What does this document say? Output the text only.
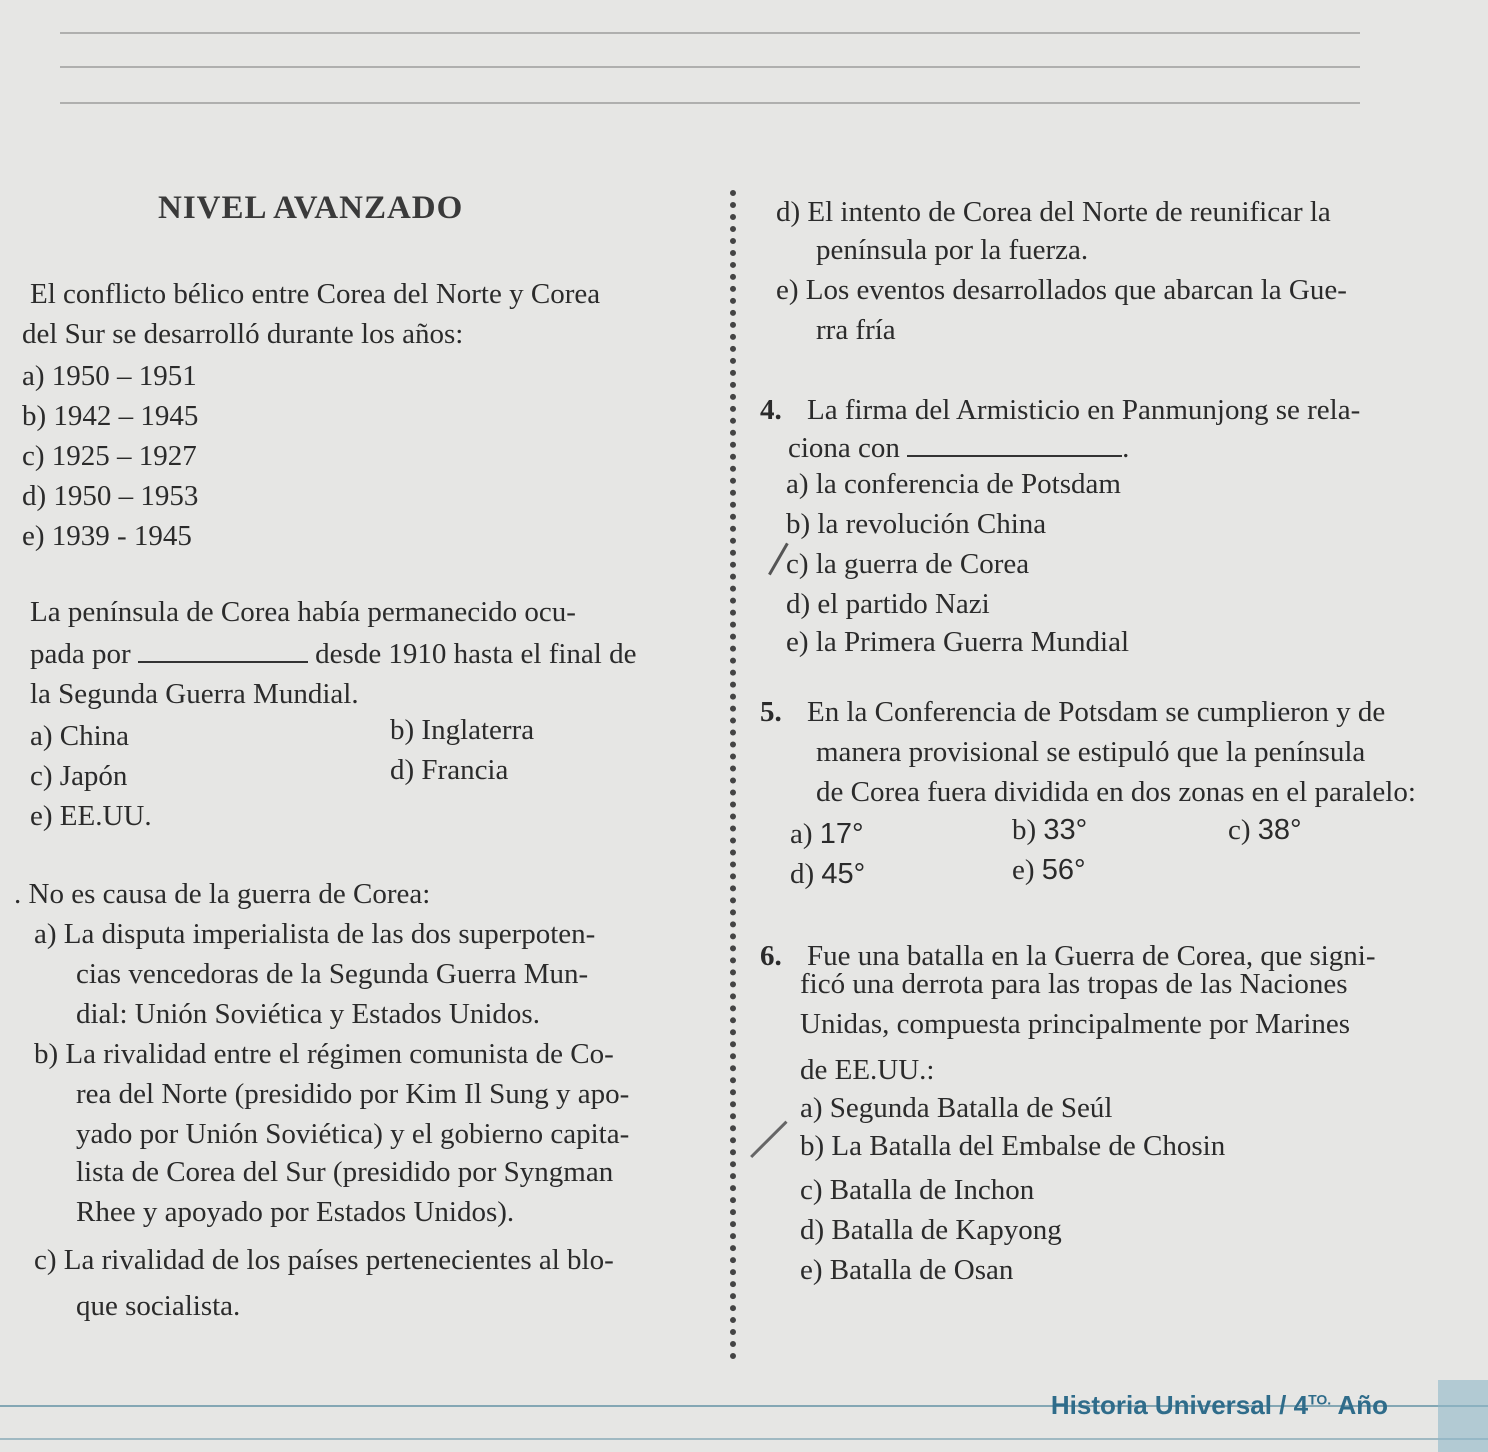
NIVEL AVANZADO
El conflicto bélico entre Corea del Norte y Corea
del Sur se desarrolló durante los años:
a) 1950 – 1951
b) 1942 – 1945
c) 1925 – 1927
d) 1950 – 1953
e) 1939 - 1945
La península de Corea había permanecido ocu-
pada por	desde 1910 hasta el final de
la Segunda Guerra Mundial.
a) China	b) Inglaterra
c) Japón	d) Francia
e) EE.UU.
. No es causa de la guerra de Corea:
a) La disputa imperialista de las dos superpoten-
cias vencedoras de la Segunda Guerra Mun-
dial: Unión Soviética y Estados Unidos.
b) La rivalidad entre el régimen comunista de Co-
rea del Norte (presidido por Kim Il Sung y apo-
yado por Unión Soviética) y el gobierno capita-
lista de Corea del Sur (presidido por Syngman
Rhee y apoyado por Estados Unidos).
c) La rivalidad de los países pertenecientes al blo-
que socialista.
d) El intento de Corea del Norte de reunificar la
península por la fuerza.
e) Los eventos desarrollados que abarcan la Gue-
rra fría
4. La firma del Armisticio en Panmunjong se rela-
ciona con	.
a) la conferencia de Potsdam
b) la revolución China
c) la guerra de Corea
d) el partido Nazi
e) la Primera Guerra Mundial
5. En la Conferencia de Potsdam se cumplieron y de
manera provisional se estipuló que la península
de Corea fuera dividida en dos zonas en el paralelo:
a) 17°	b) 33°	c) 38°
d) 45°	e) 56°
6. Fue una batalla en la Guerra de Corea, que signi-
ficó una derrota para las tropas de las Naciones
Unidas, compuesta principalmente por Marines
de EE.UU.:
a) Segunda Batalla de Seúl
b) La Batalla del Embalse de Chosin
c) Batalla de Inchon
d) Batalla de Kapyong
e) Batalla de Osan
Historia Universal / $4^{TO.}$ Año
